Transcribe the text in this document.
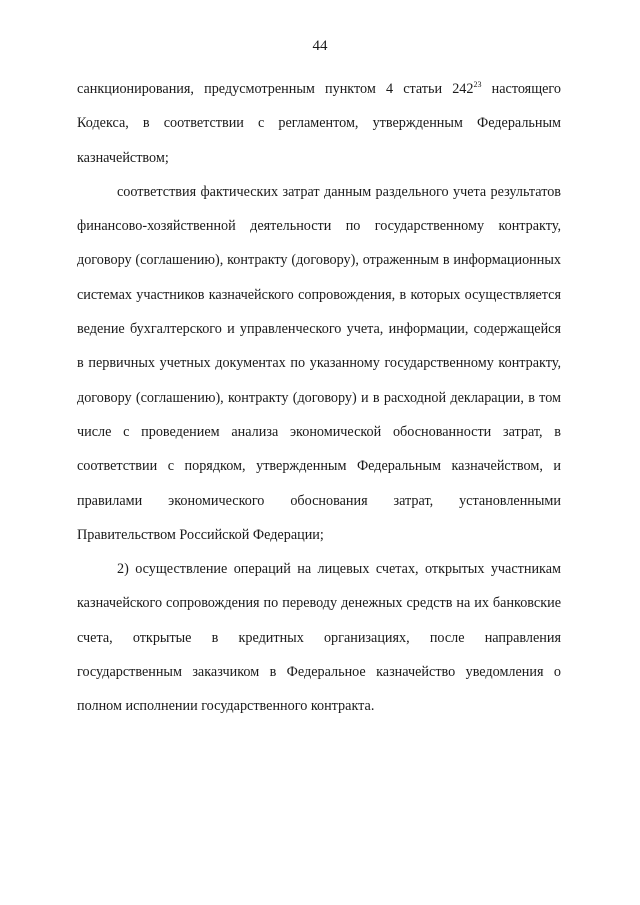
44

санкционирования, предусмотренным пунктом 4 статьи $242^{23}$ настоящего Кодекса, в соответствии с регламентом, утвержденным Федеральным казначейством;

соответствия фактических затрат данным раздельного учета результатов финансово-хозяйственной деятельности по государственному контракту, договору (соглашению), контракту (договору), отраженным в информационных системах участников казначейского сопровождения, в которых осуществляется ведение бухгалтерского и управленческого учета, информации, содержащейся в первичных учетных документах по указанному государственному контракту, договору (соглашению), контракту (договору) и в расходной декларации, в том числе с проведением анализа экономической обоснованности затрат, в соответствии с порядком, утвержденным Федеральным казначейством, и правилами экономического обоснования затрат, установленными Правительством Российской Федерации;

2) осуществление операций на лицевых счетах, открытых участникам казначейского сопровождения по переводу денежных средств на их банковские счета, открытые в кредитных организациях, после направления государственным заказчиком в Федеральное казначейство уведомления о полном исполнении государственного контракта.
